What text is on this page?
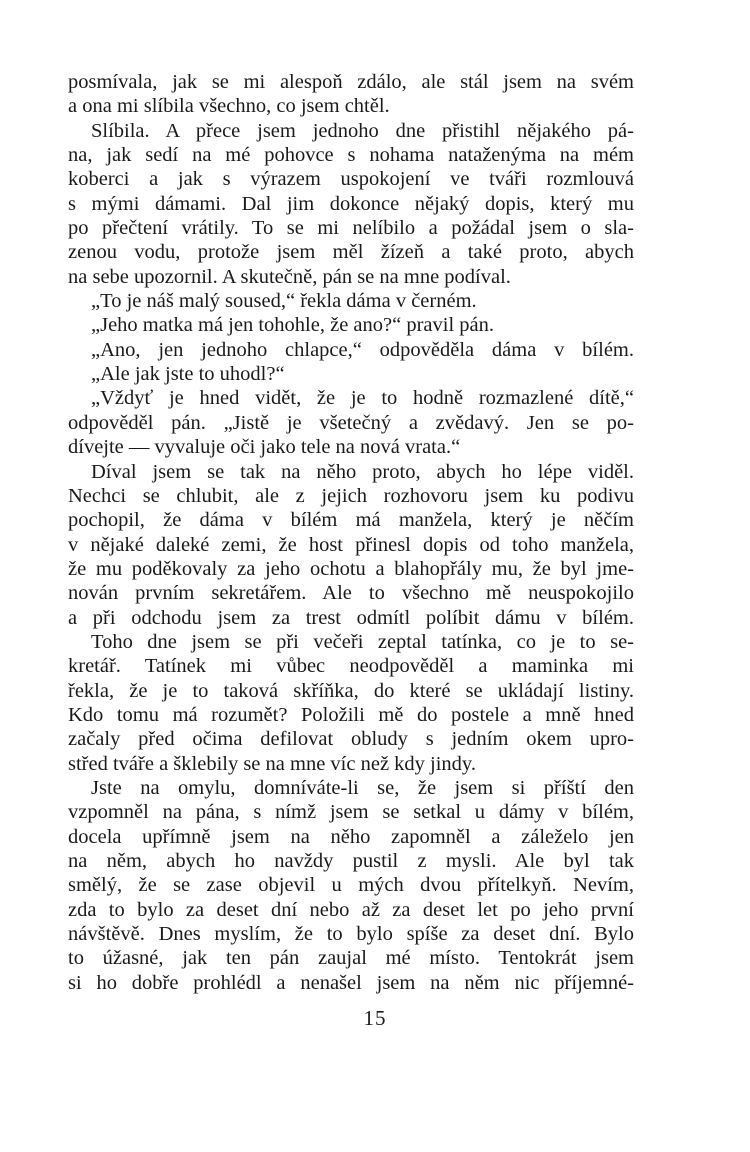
posmívala, jak se mi alespoň zdálo, ale stál jsem na svém
a ona mi slíbila všechno, co jsem chtěl.
Slíbila. A přece jsem jednoho dne přistihl nějakého pá-
na, jak sedí na mé pohovce s nohama nataženýma na mém
koberci a jak s výrazem uspokojení ve tváři rozmlouvá
s mými dámami. Dal jim dokonce nějaký dopis, který mu
po přečtení vrátily. To se mi nelíbilo a požádal jsem o sla-
zenou vodu, protože jsem měl žízeň a také proto, abych
na sebe upozornil. A skutečně, pán se na mne podíval.
„To je náš malý soused,“ řekla dáma v černém.
„Jeho matka má jen tohohle, že ano?“ pravil pán.
„Ano, jen jednoho chlapce,“ odpověděla dáma v bílém.
„Ale jak jste to uhodl?“
„Vždyť je hned vidět, že je to hodně rozmazlené dítě,“
odpověděl pán. „Jistě je všetečný a zvědavý. Jen se po-
dívejte — vyvaluje oči jako tele na nová vrata.“
Díval jsem se tak na něho proto, abych ho lépe viděl.
Nechci se chlubit, ale z jejich rozhovoru jsem ku podivu
pochopil, že dáma v bílém má manžela, který je něčím
v nějaké daleké zemi, že host přinesl dopis od toho manžela,
že mu poděkovaly za jeho ochotu a blahopřály mu, že byl jme-
nován prvním sekretářem. Ale to všechno mě neuspokojilo
a při odchodu jsem za trest odmítl políbit dámu v bílém.
Toho dne jsem se při večeři zeptal tatínka, co je to se-
kretář. Tatínek mi vůbec neodpověděl a maminka mi
řekla, že je to taková skříňka, do které se ukládají listiny.
Kdo tomu má rozumět? Položili mě do postele a mně hned
začaly před očima defilovat obludy s jedním okem upro-
střed tváře a šklebily se na mne víc než kdy jindy.
Jste na omylu, domníváte-li se, že jsem si příští den
vzpomněl na pána, s nímž jsem se setkal u dámy v bílém,
docela upřímně jsem na něho zapomněl a záleželo jen
na něm, abych ho navždy pustil z mysli. Ale byl tak
smělý, že se zase objevil u mých dvou přítelkyň. Nevím,
zda to bylo za deset dní nebo až za deset let po jeho první
návštěvě. Dnes myslím, že to bylo spíše za deset dní. Bylo
to úžasné, jak ten pán zaujal mé místo. Tentokrát jsem
si ho dobře prohlédl a nenašel jsem na něm nic příjemné-
15
